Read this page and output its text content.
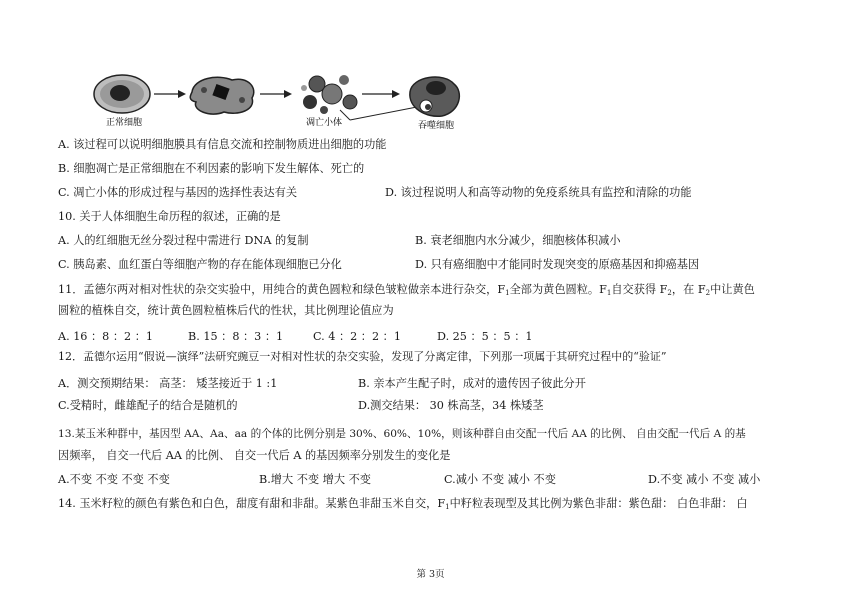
正常细胞	凋亡小体	吞噬细胞
A. 该过程可以说明细胞膜具有信息交流和控制物质进出细胞的功能
B. 细胞凋亡是正常细胞在不利因素的影响下发生解体、死亡的
C. 凋亡小体的形成过程与基因的选择性表达有关	D. 该过程说明人和高等动物的免疫系统具有监控和清除的功能
10. 关于人体细胞生命历程的叙述，正确的是
A. 人的红细胞无丝分裂过程中需进行 DNA 的复制	B. 衰老细胞内水分减少，细胞核体积减小
C. 胰岛素、血红蛋白等细胞产物的存在能体现细胞已分化	D. 只有癌细胞中才能同时发现突变的原癌基因和抑癌基因
11．孟德尔两对相对性状的杂交实验中，用纯合的黄色圆粒和绿色皱粒做亲本进行杂交，$F_1$全部为黄色圆粒。$F_1$自交获得 $F_2$，在 $F_2$中让黄色
圆粒的植株自交，统计黄色圆粒植株后代的性状，其比例理论值应为
A. 16 ：8 ：2 ：1	B. 15 ：8 ：3 ：1	C. 4 ：2 ：2 ：1	D. 25 ：5 ：5 ：1
12．孟德尔运用“假说—演绎”法研究豌豆一对相对性状的杂交实验，发现了分离定律，下列那一项属于其研究过程中的“验证”
A．测交预期结果： 高茎： 矮茎接近于 1 :1	B. 亲本产生配子时，成对的遗传因子彼此分开
C.受精时，雌雄配子的结合是随机的	D.测交结果： 30 株高茎，34 株矮茎
13.某玉米种群中，基因型 AA、Aa、aa 的个体的比例分别是 30%、60%、10%，则该种群自由交配一代后 AA 的比例、 自由交配一代后 A 的基
因频率， 自交一代后 AA 的比例、 自交一代后 A 的基因频率分别发生的变化是
A.不变 不变 不变 不变	B.增大 不变 增大 不变	C.减小 不变 减小 不变	D.不变 减小 不变 减小
14. 玉米籽粒的颜色有紫色和白色，甜度有甜和非甜。某紫色非甜玉米自交，$F_1$中籽粒表现型及其比例为紫色非甜：紫色甜： 白色非甜： 白
第 3页
